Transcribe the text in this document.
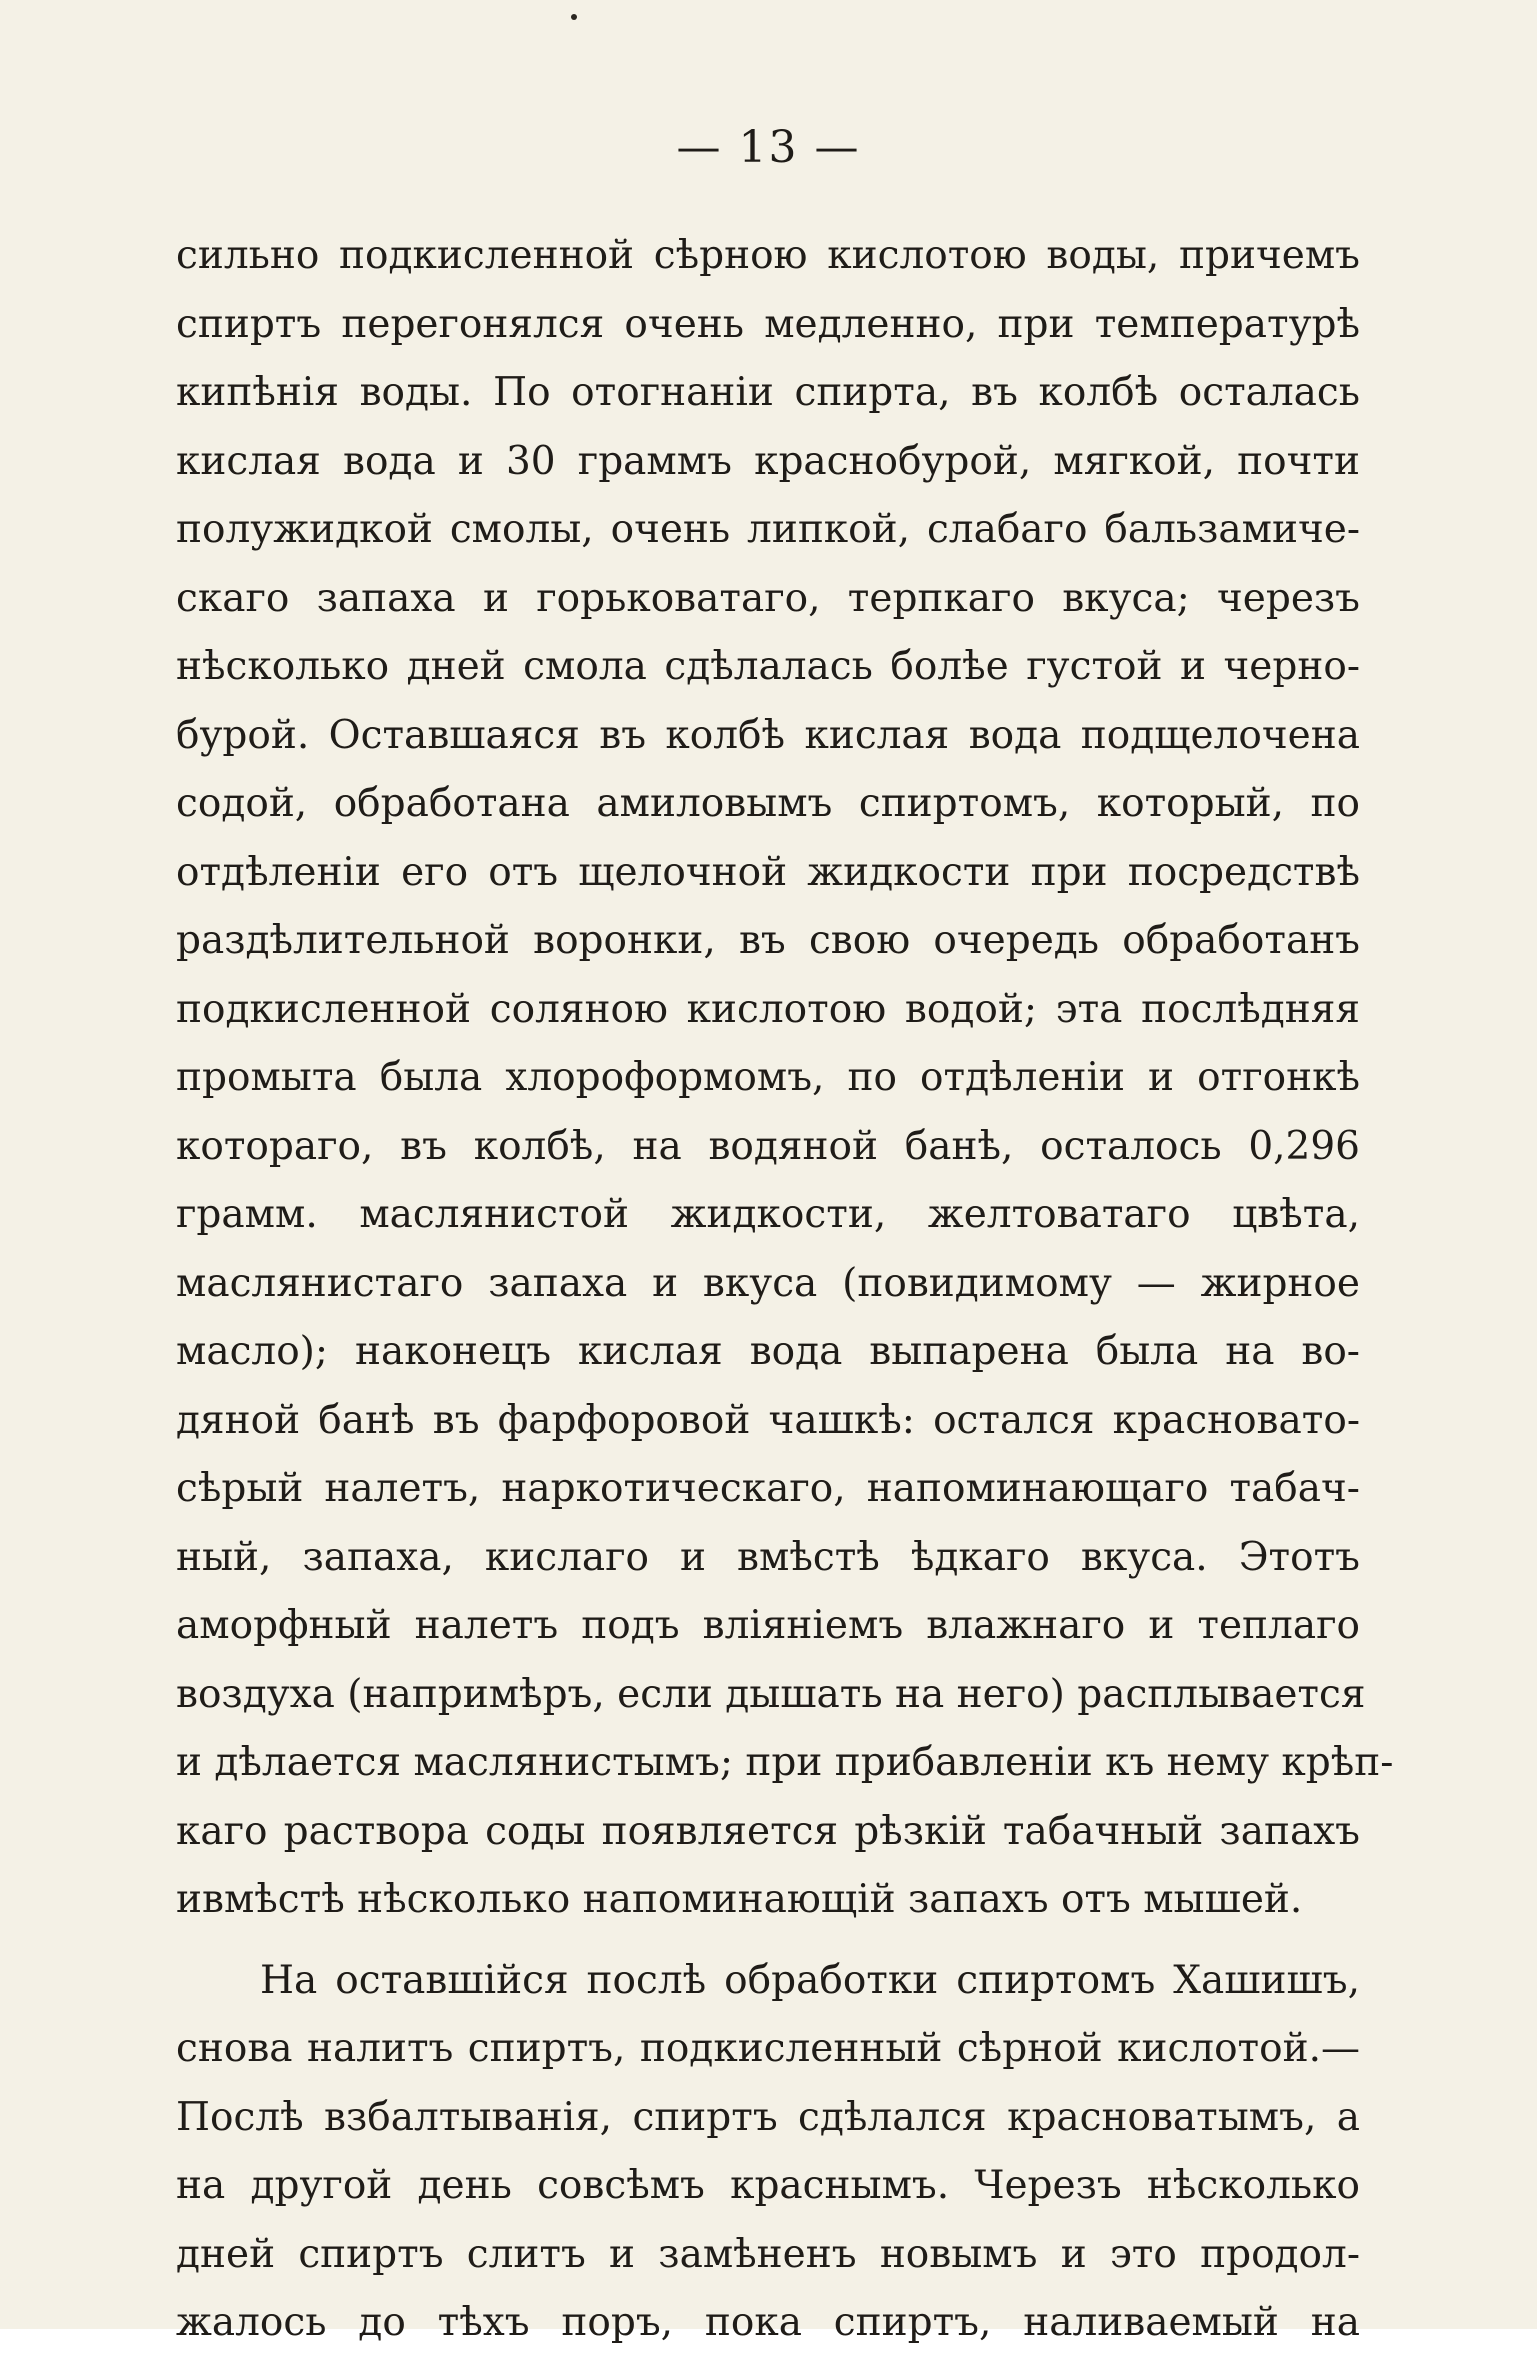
— 13 —
сильно подкисленной сѣрною кислотою воды, причемъ
спиртъ перегонялся очень медленно, при температурѣ
кипѣнія воды. По отогнаніи спирта, въ колбѣ осталась
кислая вода и 30 граммъ краснобурой, мягкой, почти
полужидкой смолы, очень липкой, слабаго бальзамиче-
скаго запаха и горьковатаго, терпкаго вкуса; черезъ
нѣсколько дней смола сдѣлалась болѣе густой и черно-
бурой. Оставшаяся въ колбѣ кислая вода подщелочена
содой, обработана амиловымъ спиртомъ, который, по
отдѣленіи его отъ щелочной жидкости при посредствѣ
раздѣлительной воронки, въ свою очередь обработанъ
подкисленной соляною кислотою водой; эта послѣдняя
промыта была хлороформомъ, по отдѣленіи и отгонкѣ
котораго, въ колбѣ, на водяной банѣ, осталось 0,296
грамм. маслянистой жидкости, желтоватаго цвѣта,
маслянистаго запаха и вкуса (повидимому — жирное
масло); наконецъ кислая вода выпарена была на во-
дяной банѣ въ фарфоровой чашкѣ: остался красновато-
сѣрый налетъ, наркотическаго, напоминающаго табач-
ный, запаха, кислаго и вмѣстѣ ѣдкаго вкуса. Этотъ
аморфный налетъ подъ вліяніемъ влажнаго и теплаго
воздуха (напримѣръ, если дышать на него) расплывается
и дѣлается маслянистымъ; при прибавленіи къ нему крѣп-
каго раствора соды появляется рѣзкій табачный запахъ
ивмѣстѣ нѣсколько напоминающій запахъ отъ мышей.
На оставшійся послѣ обработки спиртомъ Хашишъ,
снова налитъ спиртъ, подкисленный сѣрной кислотой.—
Послѣ взбалтыванія, спиртъ сдѣлался красноватымъ, а
на другой день совсѣмъ краснымъ. Черезъ нѣсколько
дней спиртъ слитъ и замѣненъ новымъ и это продол-
жалось до тѣхъ поръ, пока спиртъ, наливаемый на
